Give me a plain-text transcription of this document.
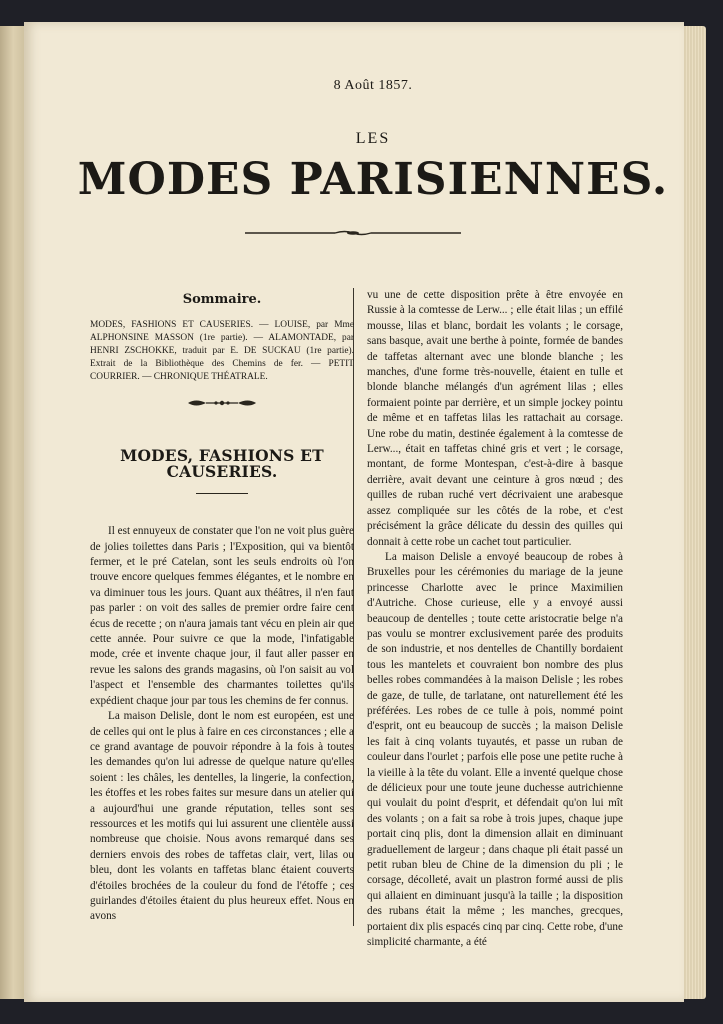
8 Août 1857.
LES
MODES PARISIENNES.
Sommaire.

MODES, FASHIONS ET CAUSERIES. — LOUISE, par Mme ALPHONSINE MASSON (1re partie). — ALAMONTADE, par HENRI ZSCHOKKE, traduit par E. DE SUCKAU (1re partie). Extrait de la Bibliothèque des Chemins de fer. — PETIT COURRIER. — CHRONIQUE THÉATRALE.

MODES, FASHIONS ET CAUSERIES.

Il est ennuyeux de constater que l'on ne voit plus guère de jolies toilettes dans Paris ; l'Exposition, qui va bientôt fermer, et le pré Catelan, sont les seuls endroits où l'on trouve encore quelques femmes élégantes, et le nombre en va diminuer tous les jours. Quant aux théâtres, il n'en faut pas parler : on voit des salles de premier ordre faire cent écus de recette ; on n'aura jamais tant vécu en plein air que cette année. Pour suivre ce que la mode, l'infatigable mode, crée et invente chaque jour, il faut aller passer en revue les salons des grands magasins, où l'on saisit au vol l'aspect et l'ensemble des charmantes toilettes qu'ils expédient chaque jour par tous les chemins de fer connus.

La maison Delisle, dont le nom est européen, est une de celles qui ont le plus à faire en ces circonstances ; elle a ce grand avantage de pouvoir répondre à la fois à toutes les demandes qu'on lui adresse de quelque nature qu'elles soient : les châles, les dentelles, la lingerie, la confection, les étoffes et les robes faites sur mesure dans un atelier qui a aujourd'hui une grande réputation, telles sont ses ressources et les motifs qui lui assurent une clientèle aussi nombreuse que choisie. Nous avons remarqué dans ses derniers envois des robes de taffetas clair, vert, lilas ou bleu, dont les volants en taffetas blanc étaient couverts d'étoiles brochées de la couleur du fond de l'étoffe ; ces guirlandes d'étoiles étaient du plus heureux effet. Nous en avons

vu une de cette disposition prête à être envoyée en Russie à la comtesse de Lerw... ; elle était lilas ; un effilé mousse, lilas et blanc, bordait les volants ; le corsage, sans basque, avait une berthe à pointe, formée de bandes de taffetas alternant avec une blonde blanche ; les manches, d'une forme très-nouvelle, étaient en tulle et blonde blanche mélangés d'un agrément lilas ; elles formaient pointe par derrière, et un simple jockey pointu de même et en taffetas lilas les rattachait au corsage. Une robe du matin, destinée également à la comtesse de Lerw..., était en taffetas chiné gris et vert ; le corsage, montant, de forme Montespan, c'est-à-dire à basque derrière, avait devant une ceinture à gros nœud ; des quilles de ruban ruché vert décrivaient une arabesque assez compliquée sur les côtés de la robe, et c'est précisément la grâce délicate du dessin des quilles qui donnait à cette robe un cachet tout particulier.

La maison Delisle a envoyé beaucoup de robes à Bruxelles pour les cérémonies du mariage de la jeune princesse Charlotte avec le prince Maximilien d'Autriche. Chose curieuse, elle y a envoyé aussi beaucoup de dentelles ; toute cette aristocratie belge n'a pas voulu se montrer exclusivement parée des produits de son industrie, et nos dentelles de Chantilly bordaient tous les mantelets et couvraient bon nombre des plus belles robes commandées à la maison Delisle ; les robes de gaze, de tulle, de tarlatane, ont naturellement été les préférées. Les robes de ce tulle à pois, nommé point d'esprit, ont eu beaucoup de succès ; la maison Delisle les fait à cinq volants tuyautés, et passe un ruban de couleur dans l'ourlet ; parfois elle pose une petite ruche à la vieille à la tête du volant. Elle a inventé quelque chose de délicieux pour une toute jeune duchesse autrichienne qui voulait du point d'esprit, et défendait qu'on lui mît des volants ; on a fait sa robe à trois jupes, chaque jupe portait cinq plis, dont la dimension allait en diminuant graduellement de largeur ; dans chaque pli était passé un petit ruban bleu de Chine de la dimension du pli ; le corsage, décolleté, avait un plastron formé aussi de plis qui allaient en diminuant jusqu'à la taille ; la disposition des rubans était la même ; les manches, grecques, portaient dix plis espacés cinq par cinq. Cette robe, d'une simplicité charmante, a été
